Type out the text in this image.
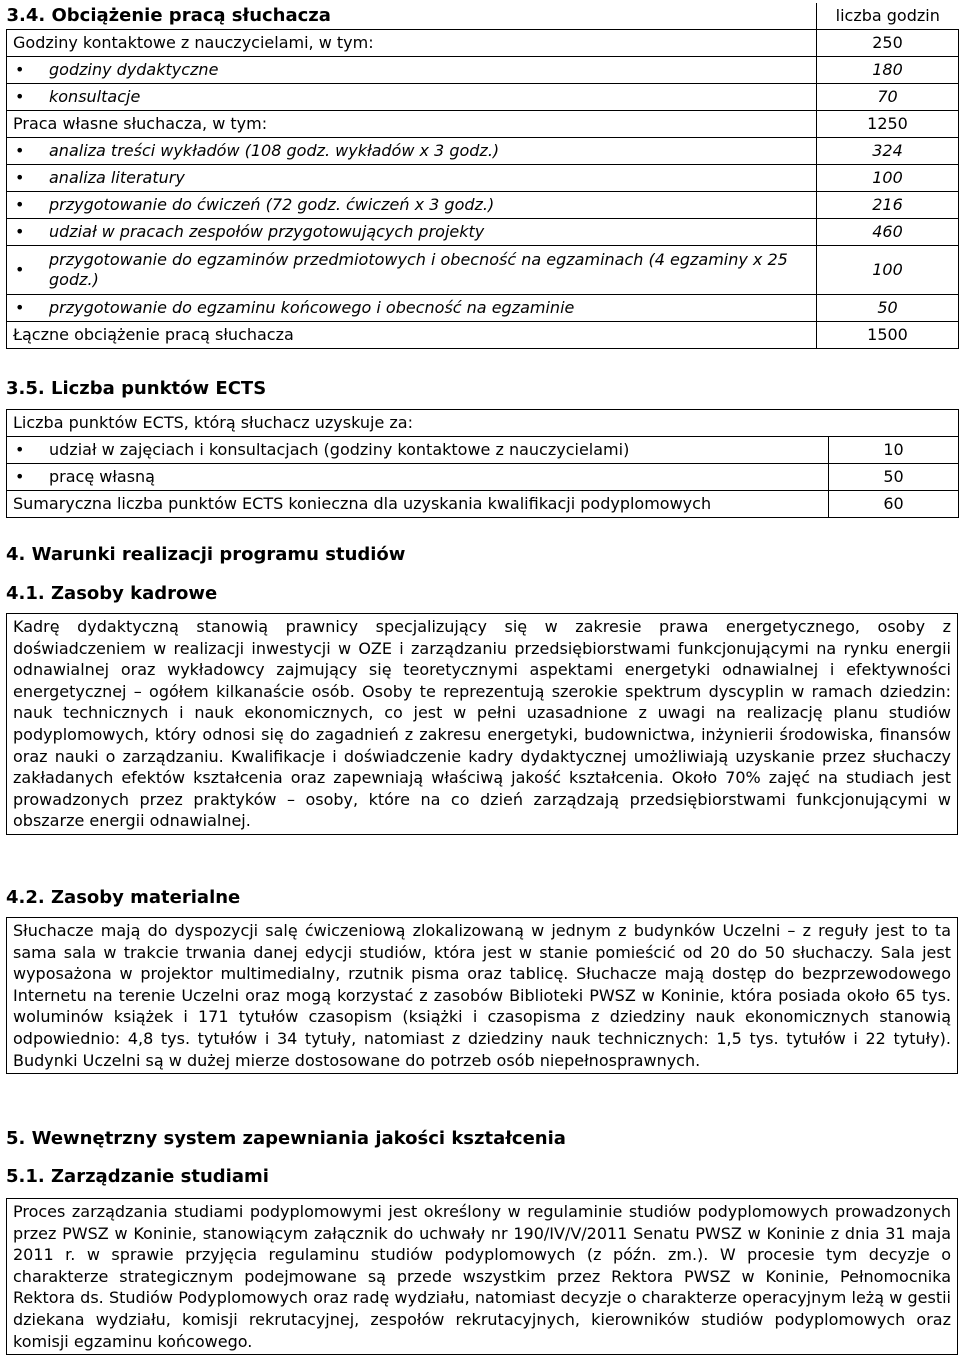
3.4. Obciążenie pracą słuchacza	liczba godzin
Godziny kontaktowe z nauczycielami, w tym:	250
• godziny dydaktyczne	180
• konsultacje	70
Praca własne słuchacza, w tym:	1250
• analiza treści wykładów (108 godz. wykładów x 3 godz.)	324
• analiza literatury	100
• przygotowanie do ćwiczeń (72 godz. ćwiczeń x 3 godz.)	216
• udział w pracach zespołów przygotowujących projekty	460
• przygotowanie do egzaminów przedmiotowych i obecność na egzaminach (4 egzaminy x 25 godz.)	100
• przygotowanie do egzaminu końcowego i obecność na egzaminie	50
Łączne obciążenie pracą słuchacza	1500
3.5. Liczba punktów ECTS
Liczba punktów ECTS, którą słuchacz uzyskuje za:	
• udział w zajęciach i konsultacjach (godziny kontaktowe z nauczycielami)	10
• pracę własną	50
Sumaryczna liczba punktów ECTS konieczna dla uzyskania kwalifikacji podyplomowych	60
4. Warunki realizacji programu studiów
4.1. Zasoby kadrowe
Kadrę dydaktyczną stanowią prawnicy specjalizujący się w zakresie prawa energetycznego, osoby z doświadczeniem w realizacji inwestycji w OZE i zarządzaniu przedsiębiorstwami funkcjonującymi na rynku energii odnawialnej oraz wykładowcy zajmujący się teoretycznymi aspektami energetyki odnawialnej i efektywności energetycznej – ogółem kilkanaście osób. Osoby te reprezentują szerokie spektrum dyscyplin w ramach dziedzin: nauk technicznych i nauk ekonomicznych, co jest w pełni uzasadnione z uwagi na realizację planu studiów podyplomowych, który odnosi się do zagadnień z zakresu energetyki, budownictwa, inżynierii środowiska, finansów oraz nauki o zarządzaniu. Kwalifikacje i doświadczenie kadry dydaktycznej umożliwiają uzyskanie przez słuchaczy zakładanych efektów kształcenia oraz zapewniają właściwą jakość kształcenia. Około 70% zajęć na studiach jest prowadzonych przez praktyków – osoby, które na co dzień zarządzają przedsiębiorstwami funkcjonującymi w obszarze energii odnawialnej.
4.2. Zasoby materialne
Słuchacze mają do dyspozycji salę ćwiczeniową zlokalizowaną w jednym z budynków Uczelni – z reguły jest to ta sama sala w trakcie trwania danej edycji studiów, która jest w stanie pomieścić od 20 do 50 słuchaczy. Sala jest wyposażona w projektor multimedialny, rzutnik pisma oraz tablicę. Słuchacze mają dostęp do bezprzewodowego Internetu na terenie Uczelni oraz mogą korzystać z zasobów Biblioteki PWSZ w Koninie, która posiada około 65 tys. woluminów książek i 171 tytułów czasopism (książki i czasopisma z dziedziny nauk ekonomicznych stanowią odpowiednio: 4,8 tys. tytułów i 34 tytuły, natomiast z dziedziny nauk technicznych: 1,5 tys. tytułów i 22 tytuły). Budynki Uczelni są w dużej mierze dostosowane do potrzeb osób niepełnosprawnych.
5. Wewnętrzny system zapewniania jakości kształcenia
5.1. Zarządzanie studiami
Proces zarządzania studiami podyplomowymi jest określony w regulaminie studiów podyplomowych prowadzonych przez PWSZ w Koninie, stanowiącym załącznik do uchwały nr 190/IV/V/2011 Senatu PWSZ w Koninie z dnia 31 maja 2011 r. w sprawie przyjęcia regulaminu studiów podyplomowych (z późn. zm.). W procesie tym decyzje o charakterze strategicznym podejmowane są przede wszystkim przez Rektora PWSZ w Koninie, Pełnomocnika Rektora ds. Studiów Podyplomowych oraz radę wydziału, natomiast decyzje o charakterze operacyjnym leżą w gestii dziekana wydziału, komisji rekrutacyjnej, zespołów rekrutacyjnych, kierowników studiów podyplomowych oraz komisji egzaminu końcowego.
